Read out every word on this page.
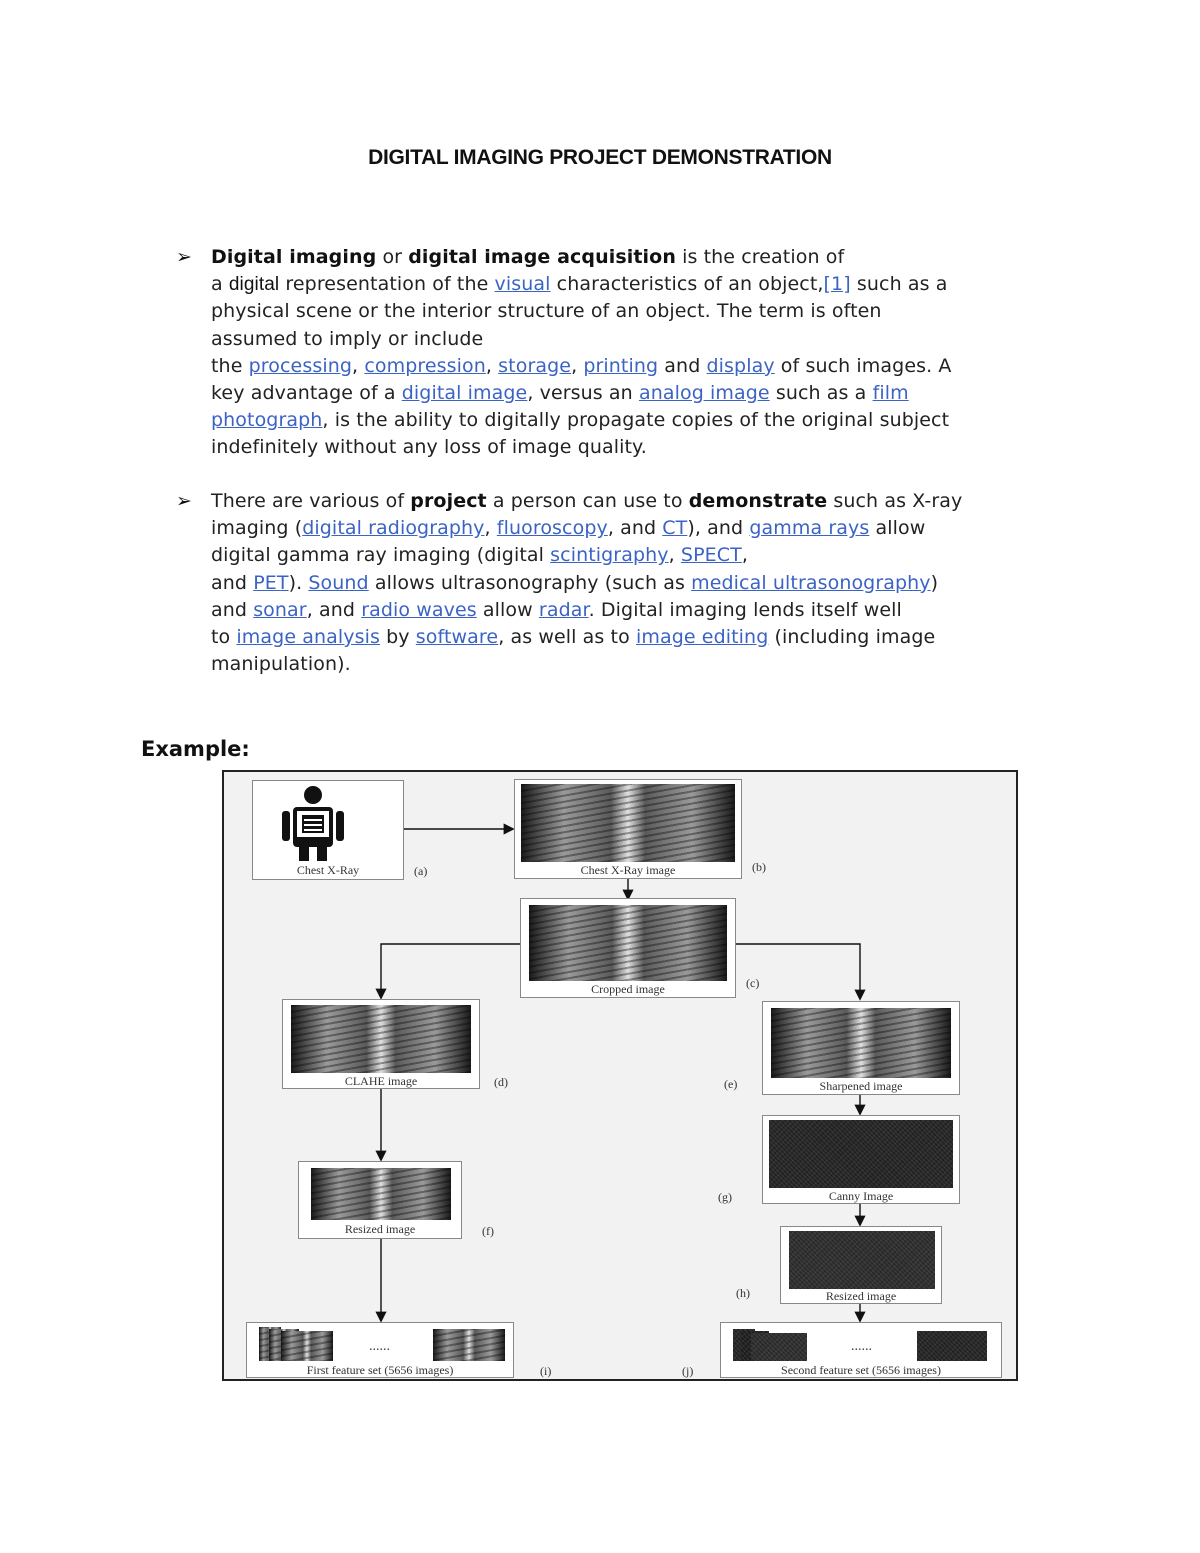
DIGITAL IMAGING PROJECT DEMONSTRATION
➢ Digital imaging or digital image acquisition is the creation of
a digital representation of the visual characteristics of an object,[1] such as a
physical scene or the interior structure of an object. The term is often
assumed to imply or include
the processing, compression, storage, printing and display of such images. A
key advantage of a digital image, versus an analog image such as a film
photograph, is the ability to digitally propagate copies of the original subject
indefinitely without any loss of image quality.
➢ There are various of project a person can use to demonstrate such as X-ray
imaging (digital radiography, fluoroscopy, and CT), and gamma rays allow
digital gamma ray imaging (digital scintigraphy, SPECT,
and PET). Sound allows ultrasonography (such as medical ultrasonography)
and sonar, and radio waves allow radar. Digital imaging lends itself well
to image analysis by software, as well as to image editing (including image
manipulation).
Example:
Chest X-Ray	(a)	Chest X-Ray image	(b)
Cropped image	(c)
CLAHE image	(d)	Sharpened image
(e)
Canny Image
(g)
Resized image	(f)
Resized image
(h)
......
First feature set (5656 images)	(i)
......
Second feature set (5656 images)
(j)
